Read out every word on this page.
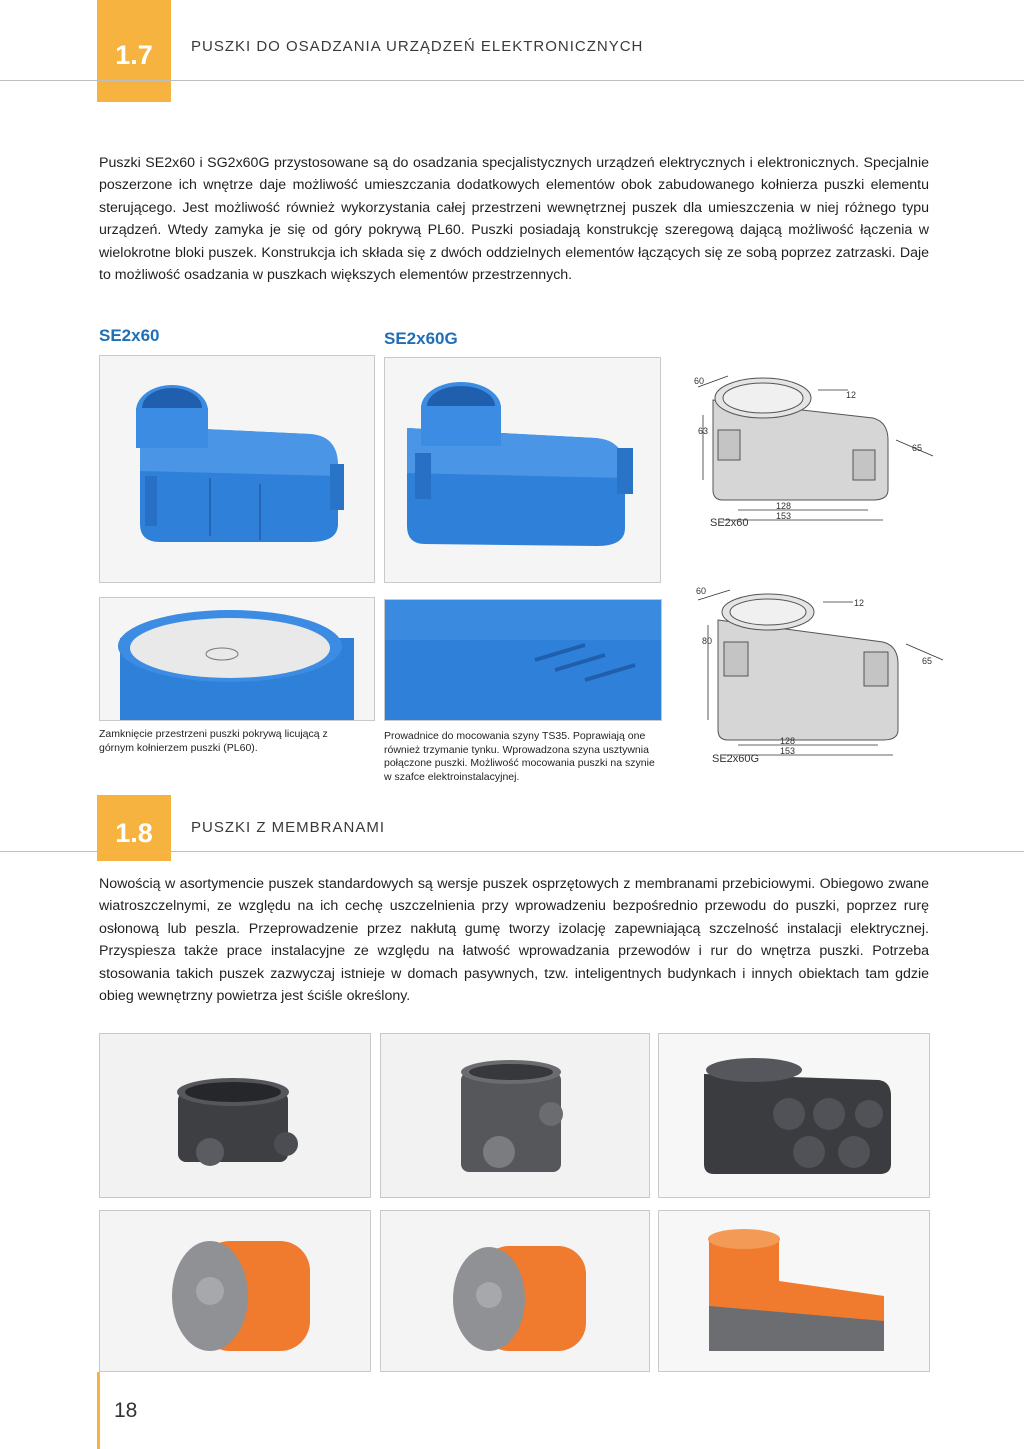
1.7	PUSZKI DO OSADZANIA URZĄDZEŃ ELEKTRONICZNYCH
Puszki SE2x60 i SG2x60G przystosowane są do osadzania specjalistycznych urządzeń elektrycznych i elektronicznych. Specjalnie poszerzone ich wnętrze daje możliwość umieszczania dodatkowych elementów obok zabudowanego kołnierza puszki elementu sterującego. Jest możliwość również wykorzystania całej przestrzeni wewnętrznej puszek dla umieszczenia w niej różnego typu urządzeń. Wtedy zamyka je się od góry pokrywą PL60. Puszki posiadają konstrukcję szeregową dającą możliwość łączenia w wielokrotne bloki puszek. Konstrukcja ich składa się z dwóch oddzielnych elementów łączących się ze sobą poprzez zatrzaski. Daje to możliwość osadzania w puszkach większych elementów przestrzennych.
SE2x60	SE2x60G
60
12
63
65
128
153
SE2x60
Zamknięcie przestrzeni puszki pokrywą licującą z górnym kołnierzem puszki (PL60).
Prowadnice do mocowania szyny TS35. Poprawiają one również trzymanie tynku. Wprowadzona szyna usztywnia połączone puszki. Możliwość mocowania puszki na szynie w szafce elektroinstalacyjnej.
60
12
80
65
128
153
SE2x60G
1.8	PUSZKI Z MEMBRANAMI
Nowością w asortymencie puszek standardowych są wersje puszek osprzętowych z membranami przebiciowymi. Obiegowo zwane wiatroszczelnymi, ze względu na ich cechę uszczelnienia przy wprowadzeniu bezpośrednio przewodu do puszki, poprzez rurę osłonową lub peszla. Przeprowadzenie przez nakłutą gumę tworzy izolację zapewniającą szczelność instalacji elektrycznej. Przyspiesza także prace instalacyjne ze względu na łatwość wprowadzania przewodów i rur do wnętrza puszki. Potrzeba stosowania takich puszek zazwyczaj istnieje w domach pasywnych, tzw. inteligentnych budynkach i innych obiektach tam gdzie obieg wewnętrzny powietrza jest ściśle określony.
18
